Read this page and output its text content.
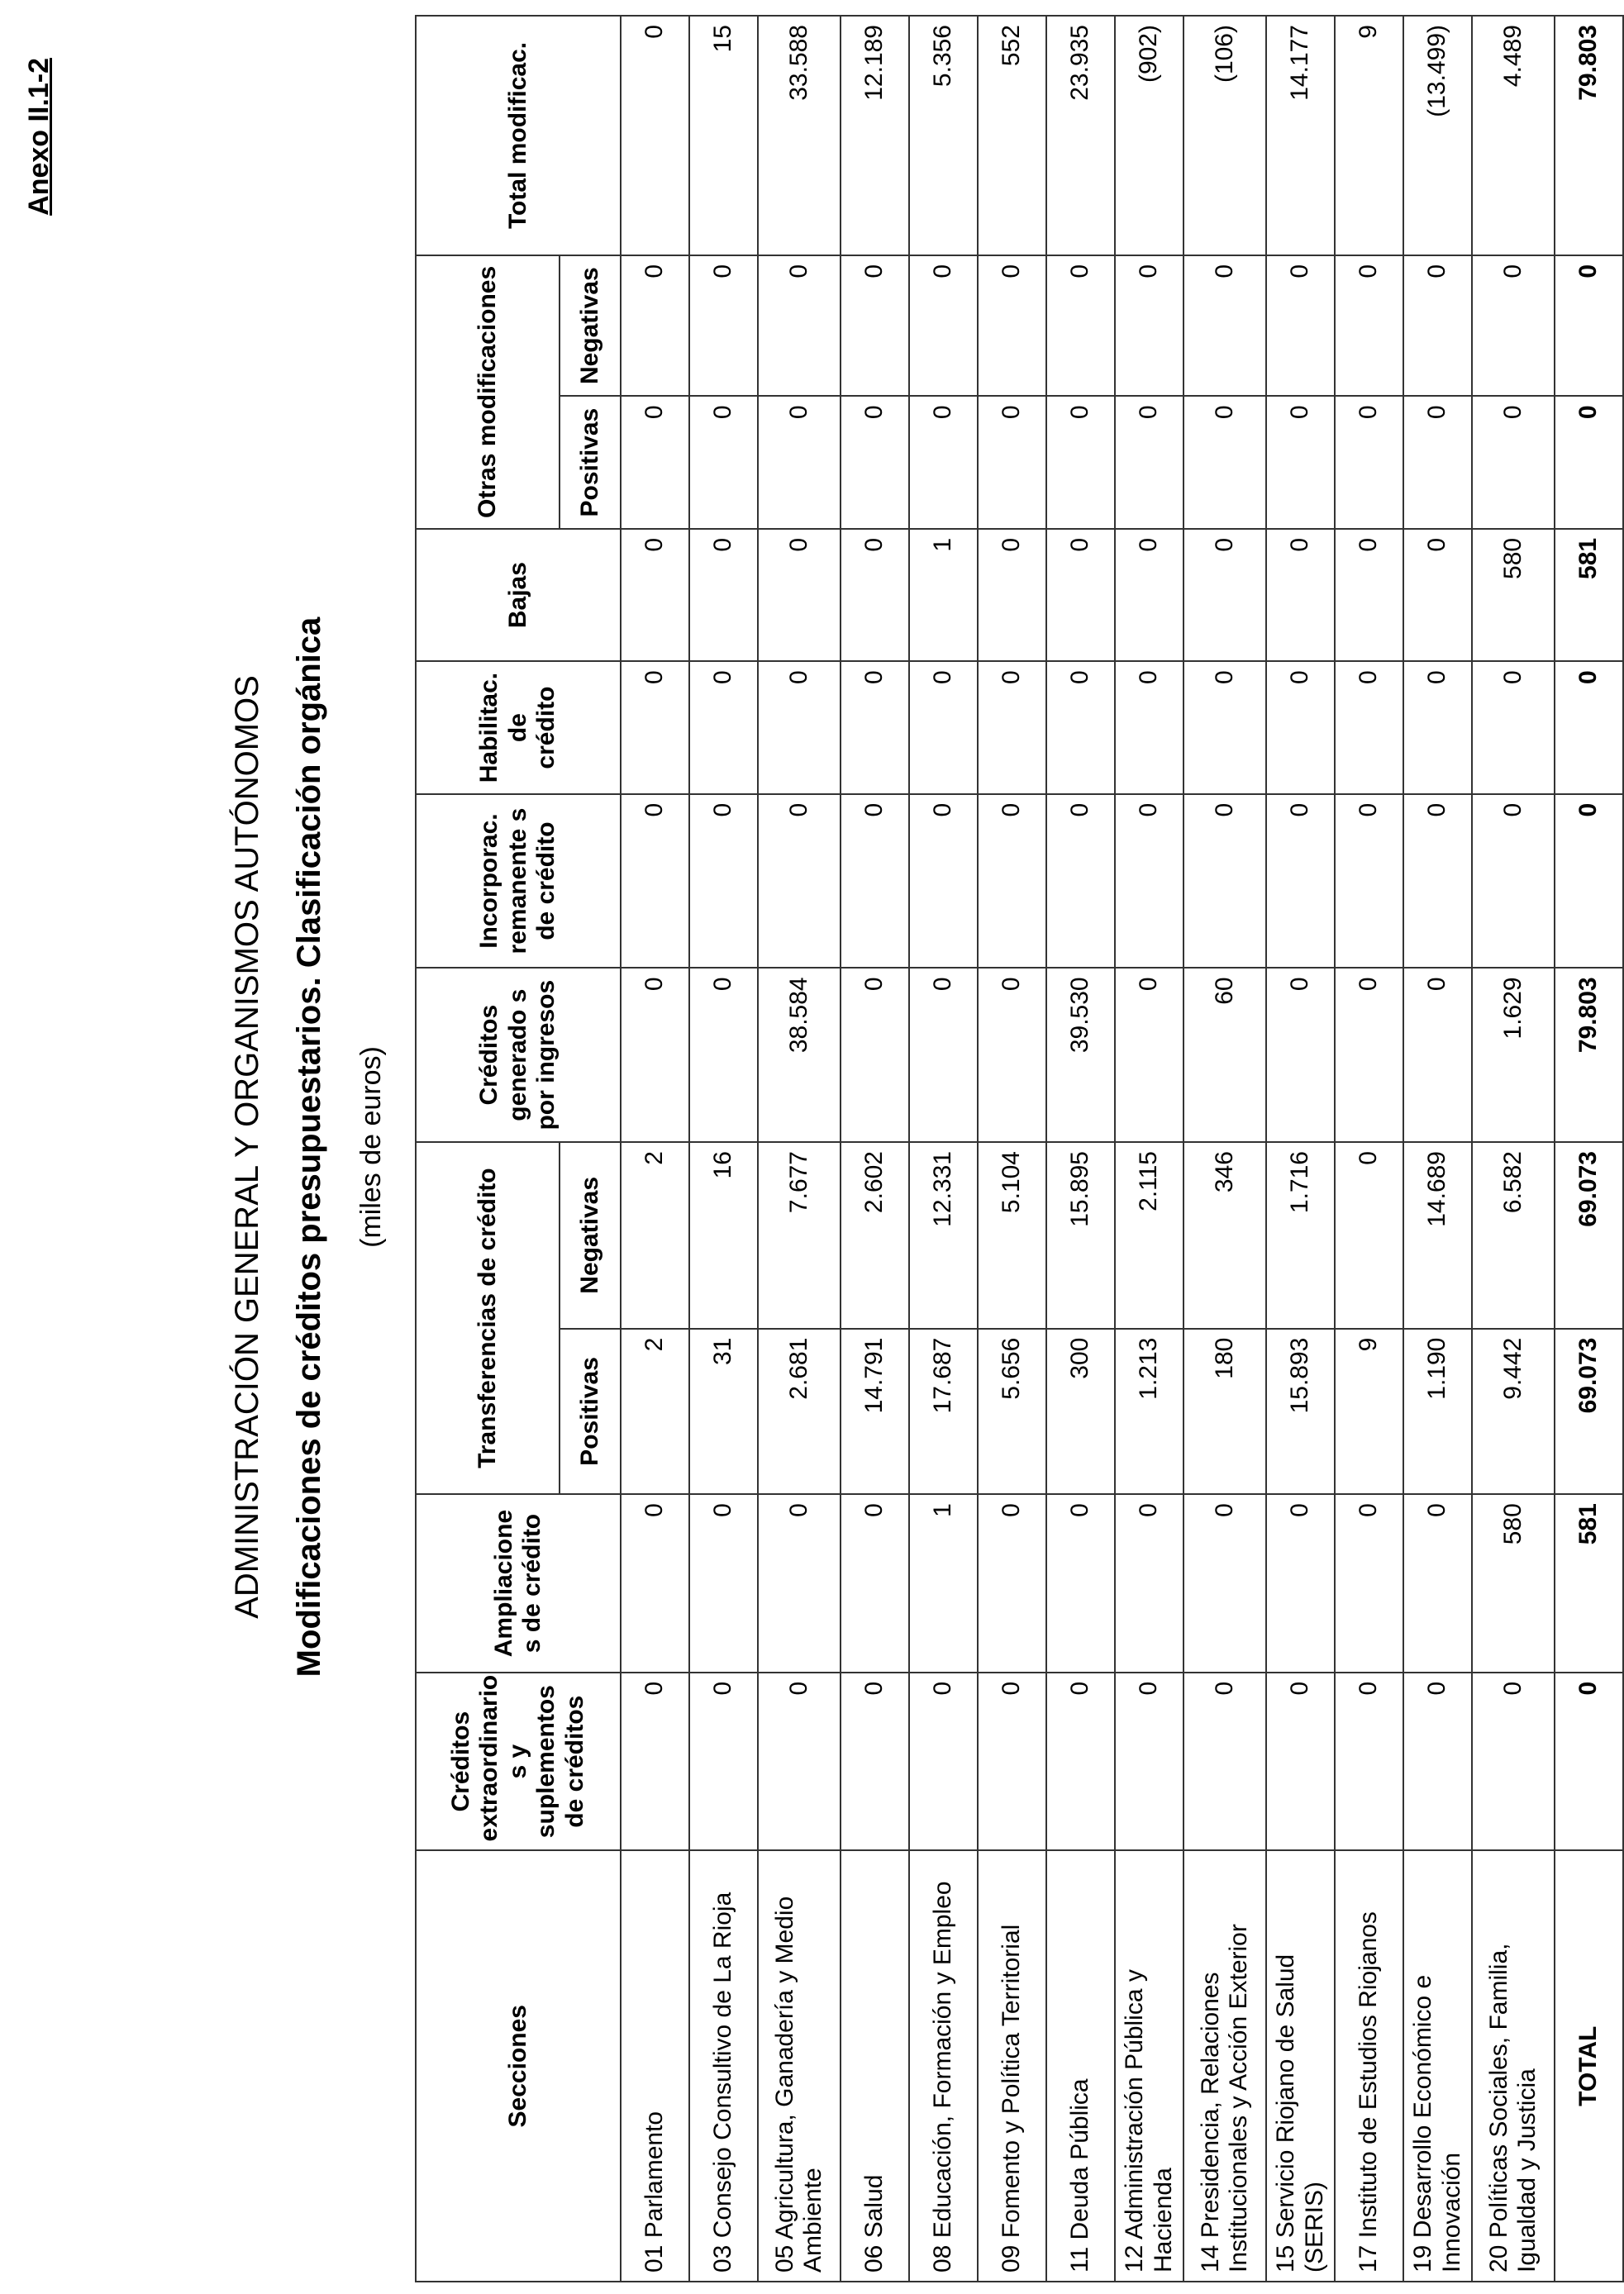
Anexo II.1-2
ADMINISTRACIÓN GENERAL Y ORGANISMOS AUTÓNOMOS Modificaciones de créditos presupuestarios. Clasificación orgánica (miles de euros)
Secciones	Créditos extraordinario s y suplementos de créditos	Ampliacione s de crédito	Transferencias de crédito		Créditos generado s por ingresos	Incorporac. remanente s de crédito	Habilitac. de crédito	Bajas	Otras modificaciones		Total modificac.
			Positivas	Negativas					Positivas	Negativas	
01 Parlamento	0	0	2	2	0	0	0	0	0	0	0
03 Consejo Consultivo de La Rioja	0	0	31	16	0	0	0	0	0	0	15
05 Agricultura, Ganadería y Medio Ambiente	0	0	2.681	7.677	38.584	0	0	0	0	0	33.588
06 Salud	0	0	14.791	2.602	0	0	0	0	0	0	12.189
08 Educación, Formación y Empleo	0	1	17.687	12.331	0	0	0	1	0	0	5.356
09 Fomento y Política Territorial	0	0	5.656	5.104	0	0	0	0	0	0	552
11 Deuda Pública	0	0	300	15.895	39.530	0	0	0	0	0	23.935
12 Administración Pública y Hacienda	0	0	1.213	2.115	0	0	0	0	0	0	(902)
14 Presidencia, Relaciones Institucionales y Acción Exterior	0	0	180	346	60	0	0	0	0	0	(106)
15 Servicio Riojano de Salud (SERIS)	0	0	15.893	1.716	0	0	0	0	0	0	14.177
17 Instituto de Estudios Riojanos	0	0	9	0	0	0	0	0	0	0	9
19 Desarrollo Económico e Innovación	0	0	1.190	14.689	0	0	0	0	0	0	(13.499)
20 Políticas Sociales, Familia, Igualdad y Justicia	0	580	9.442	6.582	1.629	0	0	580	0	0	4.489
TOTAL	0	581	69.073	69.073	79.803	0	0	581	0	0	79.803
